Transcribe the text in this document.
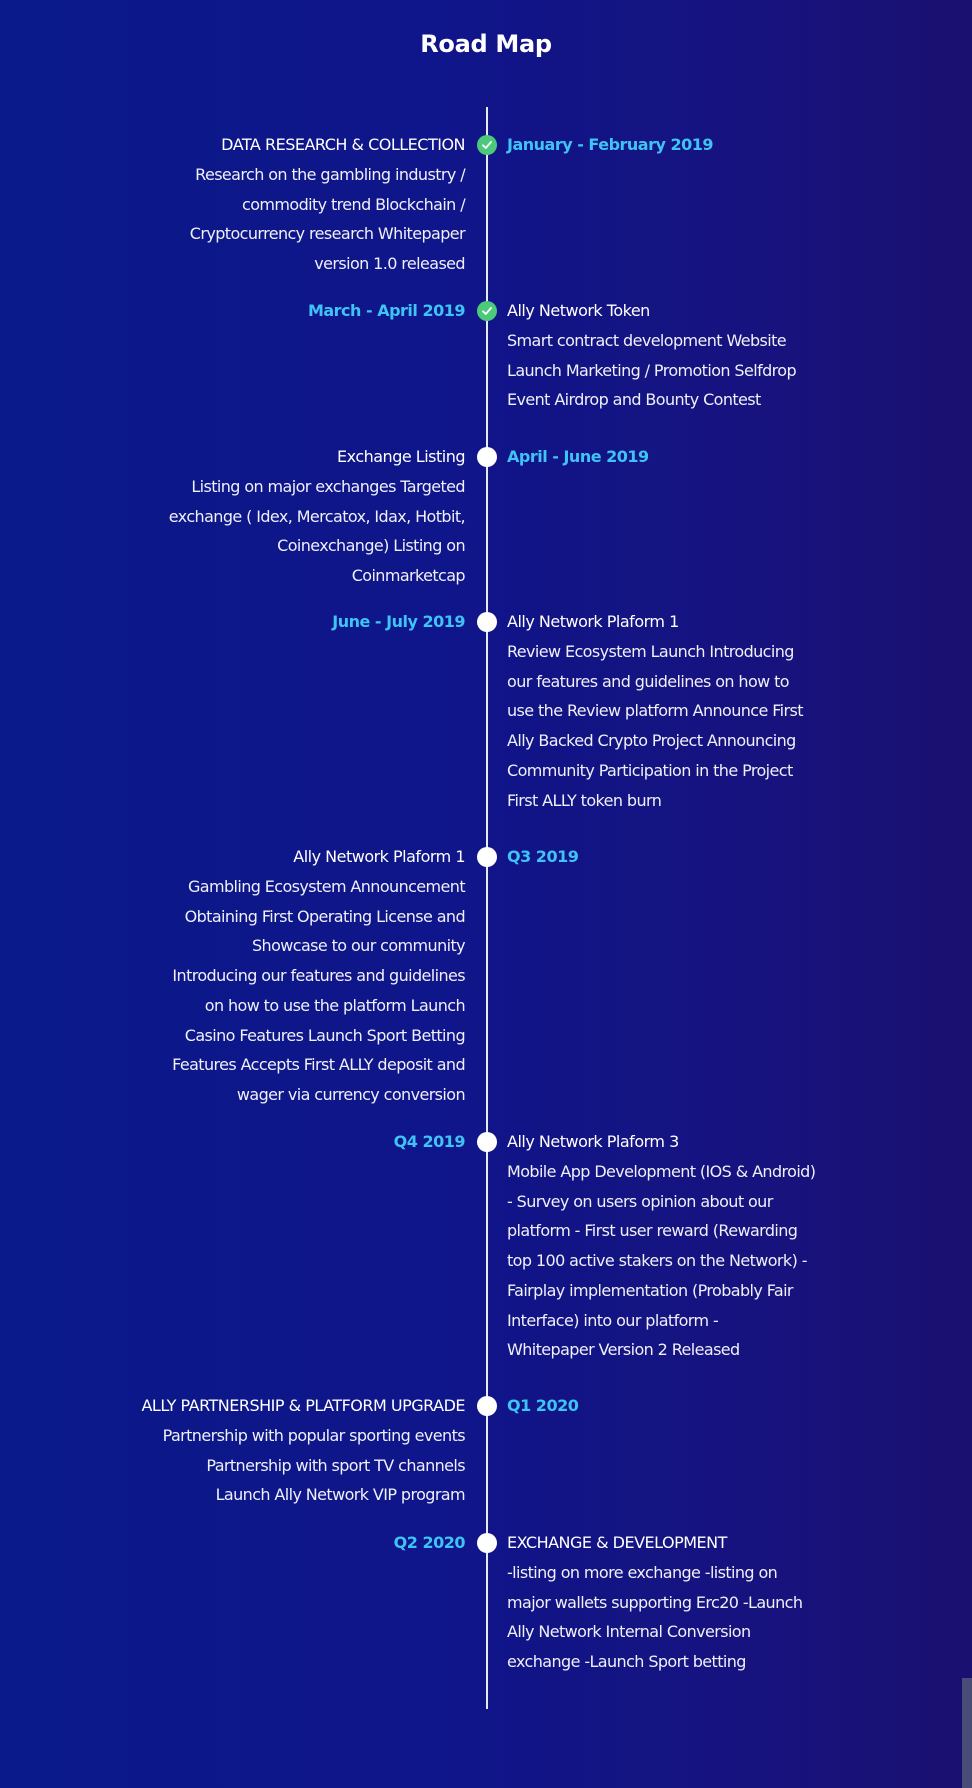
Road Map
DATA RESEARCH & COLLECTION	January - February 2019
Research on the gambling industry /
commodity trend Blockchain /
Cryptocurrency research Whitepaper
version 1.0 released
Ally Network Token
March - April 2019
Smart contract development Website
Launch Marketing / Promotion Selfdrop
Event Airdrop and Bounty Contest
Exchange Listing	April - June 2019
Listing on major exchanges Targeted
exchange ( Idex, Mercatox, Idax, Hotbit,
Coinexchange) Listing on
Coinmarketcap
Ally Network Plaform 1
June - July 2019
Review Ecosystem Launch Introducing
our features and guidelines on how to
use the Review platform Announce First
Ally Backed Crypto Project Announcing
Community Participation in the Project
First ALLY token burn
Ally Network Plaform 1	Q3 2019
Gambling Ecosystem Announcement
Obtaining First Operating License and
Showcase to our community
Introducing our features and guidelines
on how to use the platform Launch
Casino Features Launch Sport Betting
Features Accepts First ALLY deposit and
wager via currency conversion
Ally Network Plaform 3
Q4 2019
Mobile App Development (IOS & Android)
- Survey on users opinion about our
platform - First user reward (Rewarding
top 100 active stakers on the Network) -
Fairplay implementation (Probably Fair
Interface) into our platform -
Whitepaper Version 2 Released
ALLY PARTNERSHIP & PLATFORM UPGRADE	Q1 2020
Partnership with popular sporting events
Partnership with sport TV channels
Launch Ally Network VIP program
EXCHANGE & DEVELOPMENT
Q2 2020
-listing on more exchange -listing on
major wallets supporting Erc20 -Launch
Ally Network Internal Conversion
exchange -Launch Sport betting
